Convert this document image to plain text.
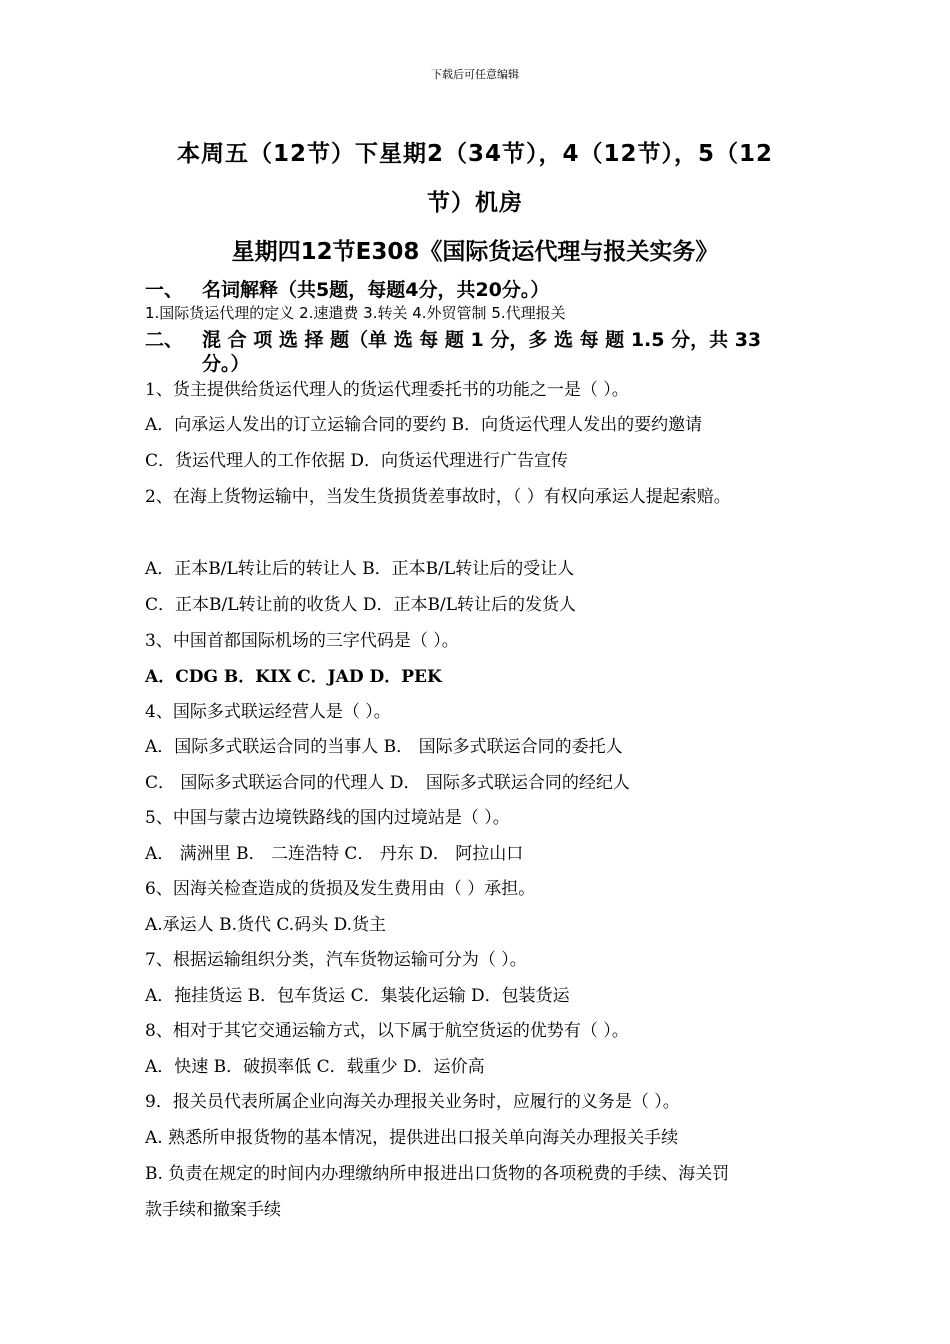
下载后可任意编辑
本周五（12节）下星期2（34节），4（12节），5（12
节）机房
星期四12节E308《国际货运代理与报关实务》
一、 名词解释（共5题，每题4分，共20分。）
1.国际货运代理的定义 2.速遣费 3.转关 4.外贸管制 5.代理报关
二、 混 合 项 选 择 题（单 选 每 题 1 分，多 选 每 题 1.5 分，共 33
分。）
1、货主提供给货运代理人的货运代理委托书的功能之一是（ ）。
A．向承运人发出的订立运输合同的要约 B．向货运代理人发出的要约邀请
C．货运代理人的工作依据 D．向货运代理进行广告宣传
2、在海上货物运输中，当发生货损货差事故时，（ ）有权向承运人提起索赔。
A．正本B/L转让后的转让人 B．正本B/L转让后的受让人
C．正本B/L转让前的收货人 D．正本B/L转让后的发货人
3、中国首都国际机场的三字代码是（ ）。
A．CDG B．KIX C．JAD D．PEK
4、国际多式联运经营人是（ ）。
A．国际多式联运合同的当事人 B． 国际多式联运合同的委托人
C． 国际多式联运合同的代理人 D． 国际多式联运合同的经纪人
5、中国与蒙古边境铁路线的国内过境站是（ ）。
A． 满洲里 B． 二连浩特 C． 丹东 D． 阿拉山口
6、因海关检查造成的货损及发生费用由（ ）承担。
A.承运人 B.货代 C.码头 D.货主
7、根据运输组织分类，汽车货物运输可分为（ ）。
A．拖挂货运 B．包车货运 C．集装化运输 D．包装货运
8、相对于其它交通运输方式，以下属于航空货运的优势有（ ）。
A．快速 B．破损率低 C．载重少 D．运价高
9．报关员代表所属企业向海关办理报关业务时，应履行的义务是（ ）。
A. 熟悉所申报货物的基本情况，提供进出口报关单向海关办理报关手续
B. 负责在规定的时间内办理缴纳所申报进出口货物的各项税费的手续、海关罚
款手续和撤案手续
